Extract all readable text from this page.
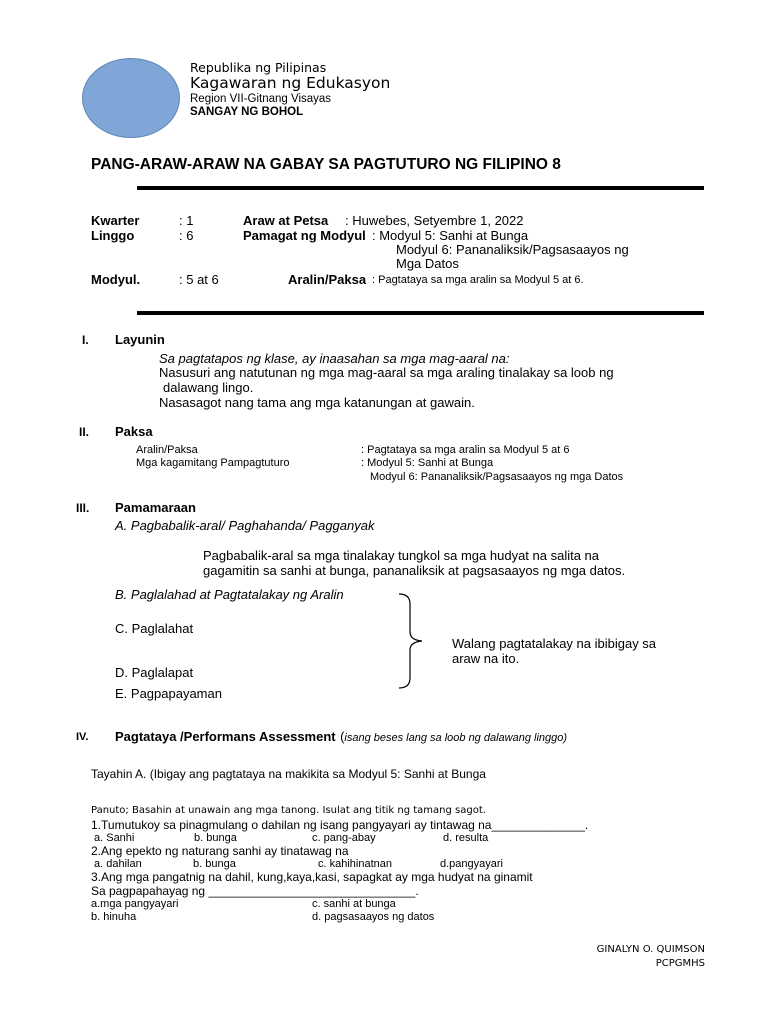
Republika ng Pilipinas
Kagawaran ng Edukasyon
Region VII-Gitnang Visayas
SANGAY NG BOHOL
PANG-ARAW-ARAW NA GABAY SA PAGTUTURO NG FILIPINO 8
Kwarter	: 1	Araw at Petsa : Huwebes, Setyembre 1, 2022
Linggo	: 6	Pamagat ng Modyul : Modyul 5: Sanhi at Bunga
Modyul 6: Pananaliksik/Pagsasaayos ng
Mga Datos
Modyul.	: 5 at 6	Aralin/Paksa : Pagtataya sa mga aralin sa Modyul 5 at 6.
I. Layunin
Sa pagtatapos ng klase, ay inaasahan sa mga mag-aaral na:
Nasusuri ang natutunan ng mga mag-aaral sa mga araling tinalakay sa loob ng
dalawang lingo.
Nasasagot nang tama ang mga katanungan at gawain.
II. Paksa
Aralin/Paksa	: Pagtataya sa mga aralin sa Modyul 5 at 6
Mga kagamitang Pampagtuturo	: Modyul 5: Sanhi at Bunga
Modyul 6: Pananaliksik/Pagsasaayos ng mga Datos
III. Pamamaraan
A. Pagbabalik-aral/ Paghahanda/ Pagganyak
Pagbabalik-aral sa mga tinalakay tungkol sa mga hudyat na salita na
gagamitin sa sanhi at bunga, pananaliksik at pagsasaayos ng mga datos.
B. Paglalahad at Pagtatalakay ng Aralin
C. Paglalahat
D. Paglalapat
E. Pagpapayaman
Walang pagtatalakay na ibibigay sa
araw na ito.
IV. Pagtataya /Performans Assessment (isang beses lang sa loob ng dalawang linggo)
Tayahin A. (Ibigay ang pagtataya na makikita sa Modyul 5: Sanhi at Bunga
Panuto; Basahin at unawain ang mga tanong. Isulat ang titik ng tamang sagot.
1.Tumutukoy sa pinagmulang o dahilan ng isang pangyayari ay tintawag na______________.
a. Sanhi	b. bunga	c. pang-abay	d. resulta
2.Ang epekto ng naturang sanhi ay tinatawag na
a. dahilan	b. bunga	c. kahihinatnan	d.pangyayari
3.Ang mga pangatnig na dahil, kung,kaya,kasi, sapagkat ay mga hudyat na ginamit
Sa pagpapahayag ng _______________________________.
a.mga pangyayari	c. sanhi at bunga
b. hinuha	d. pagsasaayos ng datos
GINALYN O. QUIMSON
PCPGMHS
